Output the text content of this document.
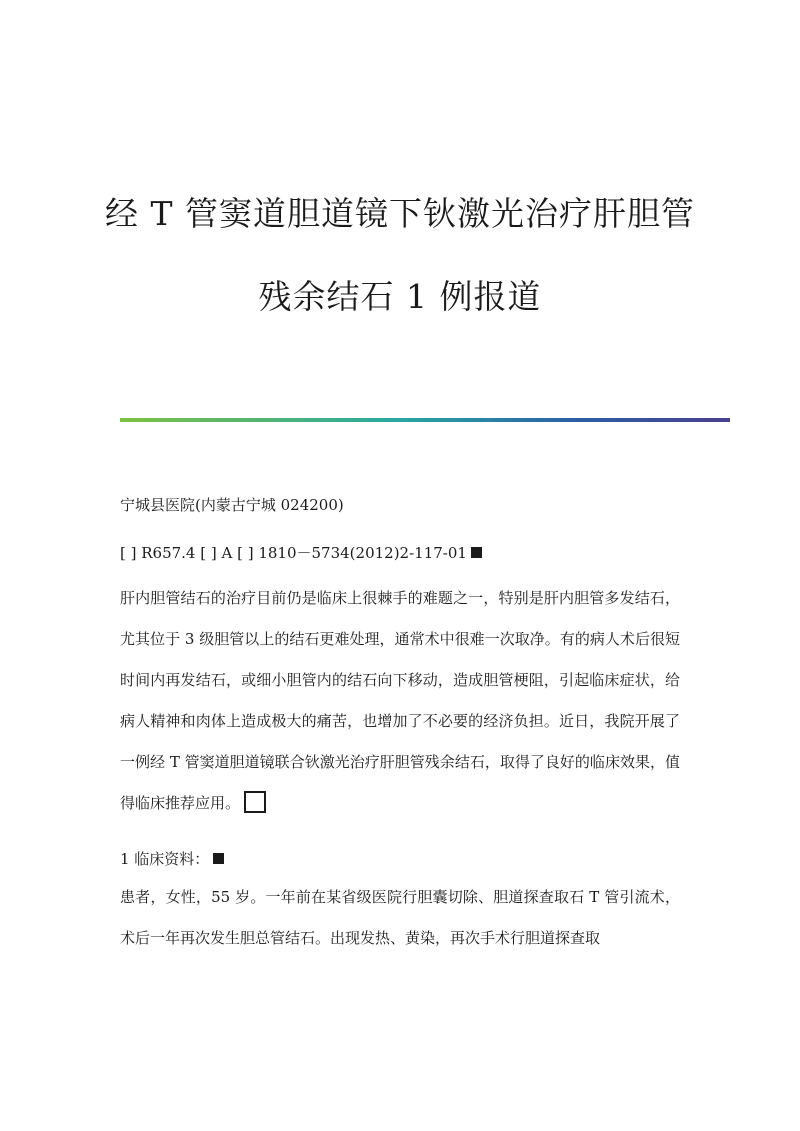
经 T 管窦道胆道镜下钬激光治疗肝胆管
残余结石 1 例报道

宁城县医院(内蒙古宁城 024200)

[ ] R657.4 [ ] A [ ] 1810－5734(2012)2-117-01

肝内胆管结石的治疗目前仍是临床上很棘手的难题之一，特别是肝内胆管多发结石，尤其位于 3 级胆管以上的结石更难处理，通常术中很难一次取净。有的病人术后很短时间内再发结石，或细小胆管内的结石向下移动，造成胆管梗阻，引起临床症状，给病人精神和肉体上造成极大的痛苦，也增加了不必要的经济负担。近日，我院开展了一例经 T 管窦道胆道镜联合钬激光治疗肝胆管残余结石，取得了良好的临床效果，值得临床推荐应用。

1 临床资料：

患者，女性，55 岁。一年前在某省级医院行胆囊切除、胆道探查取石 T 管引流术，术后一年再次发生胆总管结石。出现发热、黄染，再次手术行胆道探查取
